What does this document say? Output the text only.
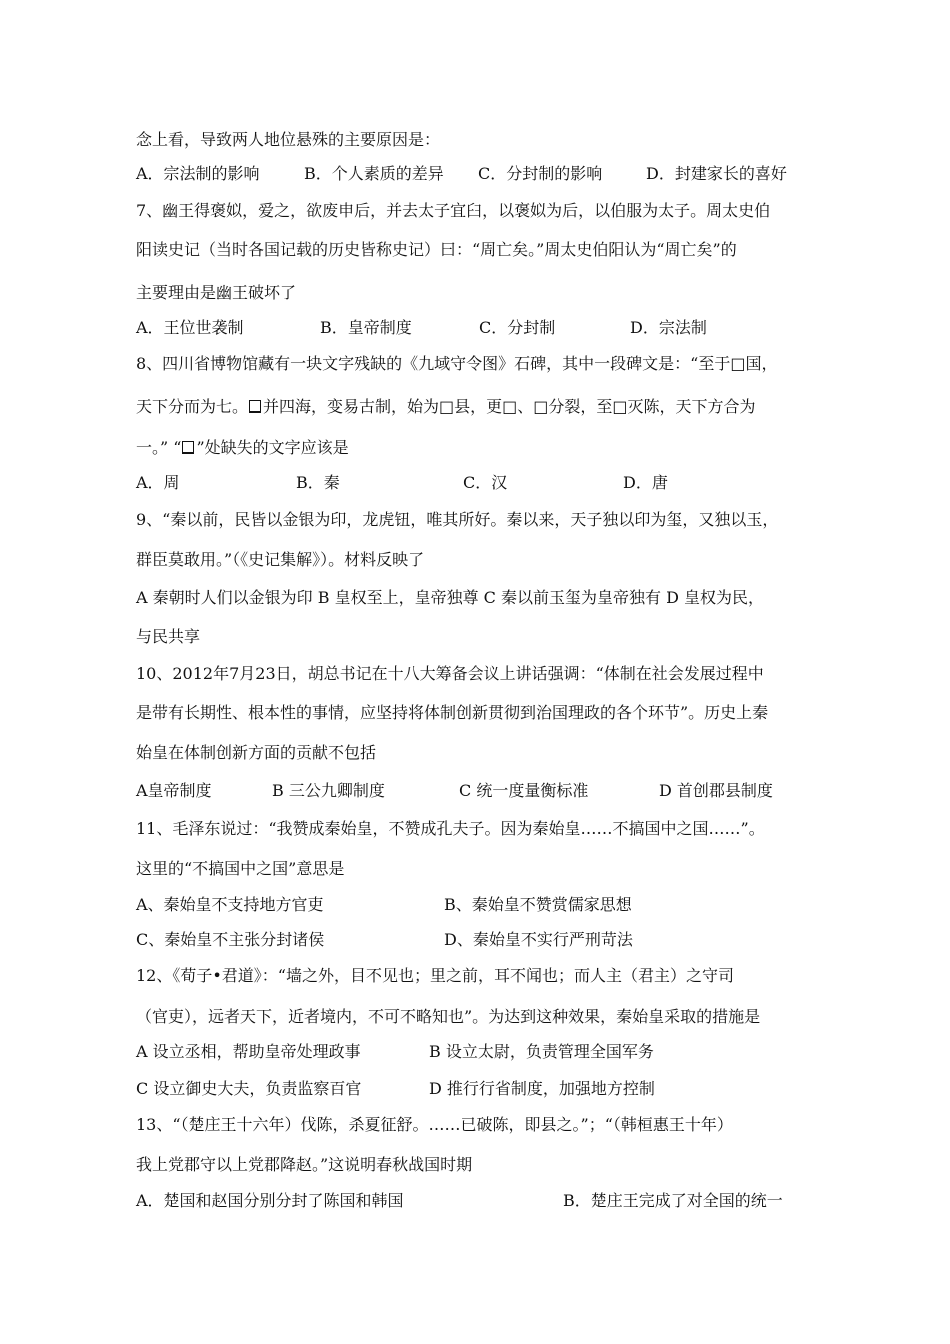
念上看，导致两人地位悬殊的主要原因是：
A．宗法制的影响	B．个人素质的差异 C．分封制的影响	D．封建家长的喜好
7、幽王得褒姒，爱之，欲废申后，并去太子宜臼，以褒姒为后，以伯服为太子。周太史伯
阳读史记（当时各国记载的历史皆称史记）曰：“周亡矣。”周太史伯阳认为“周亡矣”的
主要理由是幽王破坏了
A．王位世袭制	B．皇帝制度	C．分封制	D．宗法制
8、四川省博物馆藏有一块文字残缺的《九域守令图》石碑，其中一段碑文是：“至于□国，
天下分而为七。 并四海，变易古制，始为□县，更□、□分裂，至□灭陈，天下方合为
一。” “ ”处缺失的文字应该是
A．周	B．秦	C．汉	D．唐
9、“秦以前，民皆以金银为印，龙虎钮，唯其所好。秦以来，天子独以印为玺，又独以玉，
群臣莫敢用。”（《史记集解》）。材料反映了
A 秦朝时人们以金银为印 B 皇权至上，皇帝独尊 C 秦以前玉玺为皇帝独有 D 皇权为民，
与民共享
10、2012年7月23日，胡总书记在十八大筹备会议上讲话强调：“体制在社会发展过程中
是带有长期性、根本性的事情，应坚持将体制创新贯彻到治国理政的各个环节”。历史上秦
始皇在体制创新方面的贡献不包括
A皇帝制度	B 三公九卿制度	C 统一度量衡标准	D 首创郡县制度
11、毛泽东说过：“我赞成秦始皇，不赞成孔夫子。因为秦始皇……不搞国中之国……”。
这里的“不搞国中之国”意思是
A、秦始皇不支持地方官吏	B、秦始皇不赞赏儒家思想
C、秦始皇不主张分封诸侯	D、秦始皇不实行严刑苛法
12、《荀子•君道》：“墙之外，目不见也；里之前，耳不闻也；而人主（君主）之守司
（官吏），远者天下，近者境内，不可不略知也”。为达到这种效果，秦始皇采取的措施是
A 设立丞相，帮助皇帝处理政事	B 设立太尉，负责管理全国军务
C 设立御史大夫，负责监察百官	D 推行行省制度，加强地方控制
13、“（楚庄王十六年）伐陈，杀夏征舒。……已破陈，即县之。”；“（韩桓惠王十年）
我上党郡守以上党郡降赵。”这说明春秋战国时期
A．楚国和赵国分别分封了陈国和韩国	B．楚庄王完成了对全国的统一
